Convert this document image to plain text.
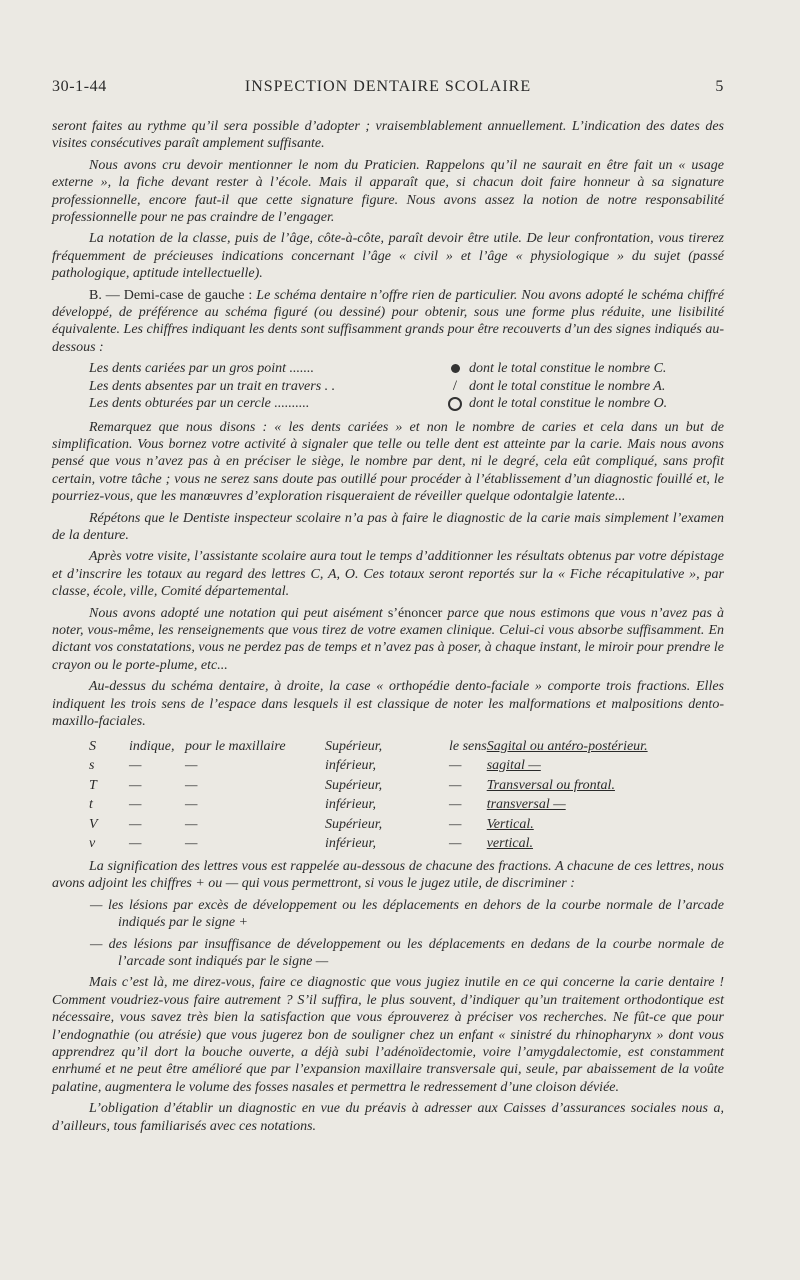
30-1-44	INSPECTION DENTAIRE SCOLAIRE	5

seront faites au rythme qu’il sera possible d’adopter ; vraisemblablement annuellement. L’indication des dates des visites consécutives paraît amplement suffisante.

Nous avons cru devoir mentionner le nom du Praticien. Rappelons qu’il ne saurait en être fait un « usage externe », la fiche devant rester à l’école. Mais il apparaît que, si chacun doit faire honneur à sa signature professionnelle, encore faut-il que cette signature figure. Nous avons assez la notion de notre responsabilité professionnelle pour ne pas craindre de l’engager.

La notation de la classe, puis de l’âge, côte-à-côte, paraît devoir être utile. De leur confrontation, vous tirerez fréquemment de précieuses indications concernant l’âge « civil » et l’âge « physiologique » du sujet (passé pathologique, aptitude intellectuelle).

B. — Demi-case de gauche : Le schéma dentaire n’offre rien de particulier. Nou avons adopté le schéma chiffré développé, de préférence au schéma figuré (ou dessiné) pour obtenir, sous une forme plus réduite, une lisibilité équivalente. Les chiffres indiquant les dents sont suffisamment grands pour être recouverts d’un des signes indiqués au-dessous :

Les dents cariées par un gros point .......	dont le total constitue le nombre C.
Les dents absentes par un trait en travers . .	/ dont le total constitue le nombre A.
Les dents obturées par un cercle ..........	dont le total constitue le nombre O.

Remarquez que nous disons : « les dents cariées » et non le nombre de caries et cela dans un but de simplification. Vous bornez votre activité à signaler que telle ou telle dent est atteinte par la carie. Mais nous avons pensé que vous n’avez pas à en préciser le siège, le nombre par dent, ni le degré, cela eût compliqué, sans profit certain, votre tâche ; vous ne serez sans doute pas outillé pour procéder à l’établissement d’un diagnostic fouillé et, le pourriez-vous, que les manœuvres d’exploration risqueraient de réveiller quelque odontalgie latente...

Répétons que le Dentiste inspecteur scolaire n’a pas à faire le diagnostic de la carie mais simplement l’examen de la denture.

Après votre visite, l’assistante scolaire aura tout le temps d’additionner les résultats obtenus par votre dépistage et d’inscrire les totaux au regard des lettres C, A, O. Ces totaux seront reportés sur la « Fiche récapitulative », par classe, école, ville, Comité départemental.

Nous avons adopté une notation qui peut aisément s’énoncer parce que nous estimons que vous n’avez pas à noter, vous-même, les renseignements que vous tirez de votre examen clinique. Celui-ci vous absorbe suffisamment. En dictant vos constatations, vous ne perdez pas de temps et n’avez pas à poser, à chaque instant, le miroir pour prendre le crayon ou le porte-plume, etc...

Au-dessus du schéma dentaire, à droite, la case « orthopédie dento-faciale » comporte trois fractions. Elles indiquent les trois sens de l’espace dans lesquels il est classique de noter les malformations et malpositions dento-maxillo-faciales.

S	indique,	pour le maxillaire	Supérieur,	le sens	Sagital ou antéro-postérieur.
s	—	—	inférieur,	—	sagital —
T	—	—	Supérieur,	—	Transversal ou frontal.
t	—	—	inférieur,	—	transversal —
V	—	—	Supérieur,	—	Vertical.
v	—	—	inférieur,	—	vertical.

La signification des lettres vous est rappelée au-dessous de chacune des fractions. A chacune de ces lettres, nous avons adjoint les chiffres + ou — qui vous permettront, si vous le jugez utile, de discriminer :

— les lésions par excès de développement ou les déplacements en dehors de la courbe normale de l’arcade indiqués par le signe +

— des lésions par insuffisance de développement ou les déplacements en dedans de la courbe normale de l’arcade sont indiqués par le signe —

Mais c’est là, me direz-vous, faire ce diagnostic que vous jugiez inutile en ce qui concerne la carie dentaire ! Comment voudriez-vous faire autrement ? S’il suffira, le plus souvent, d’indiquer qu’un traitement orthodontique est nécessaire, vous savez très bien la satisfaction que vous éprouverez à préciser vos recherches. Ne fût-ce que pour l’endognathie (ou atrésie) que vous jugerez bon de souligner chez un enfant « sinistré du rhinopharynx » dont vous apprendrez qu’il dort la bouche ouverte, a déjà subi l’adénoïdectomie, voire l’amygdalectomie, est constamment enrhumé et ne peut être amélioré que par l’expansion maxillaire transversale qui, seule, par abaissement de la voûte palatine, augmentera le volume des fosses nasales et permettra le redressement d’une cloison déviée.

L’obligation d’établir un diagnostic en vue du préavis à adresser aux Caisses d’assurances sociales nous a, d’ailleurs, tous familiarisés avec ces notations.
